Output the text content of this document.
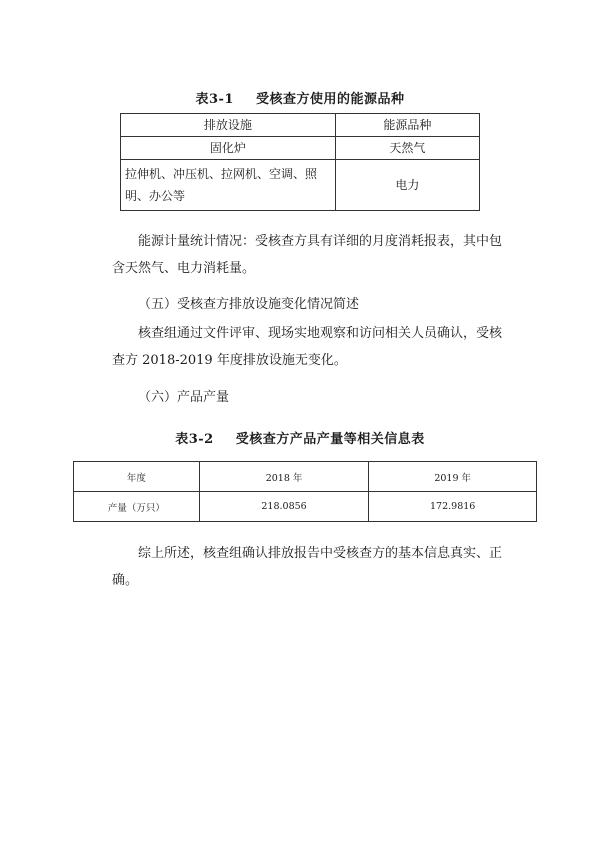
表3-1 受核查方使用的能源品种
排放设施	能源品种
固化炉	天然气
拉伸机、冲压机、拉网机、空调、照明、办公等	电力

能源计量统计情况：受核查方具有详细的月度消耗报表，其中包含天然气、电力消耗量。

（五）受核查方排放设施变化情况简述

核查组通过文件评审、现场实地观察和访问相关人员确认，受核查方 2018-2019 年度排放设施无变化。

（六）产品产量

表3-2 受核查方产品产量等相关信息表
年度	2018 年	2019 年
产量（万只）	218.0856	172.9816

综上所述，核查组确认排放报告中受核查方的基本信息真实、正确。
